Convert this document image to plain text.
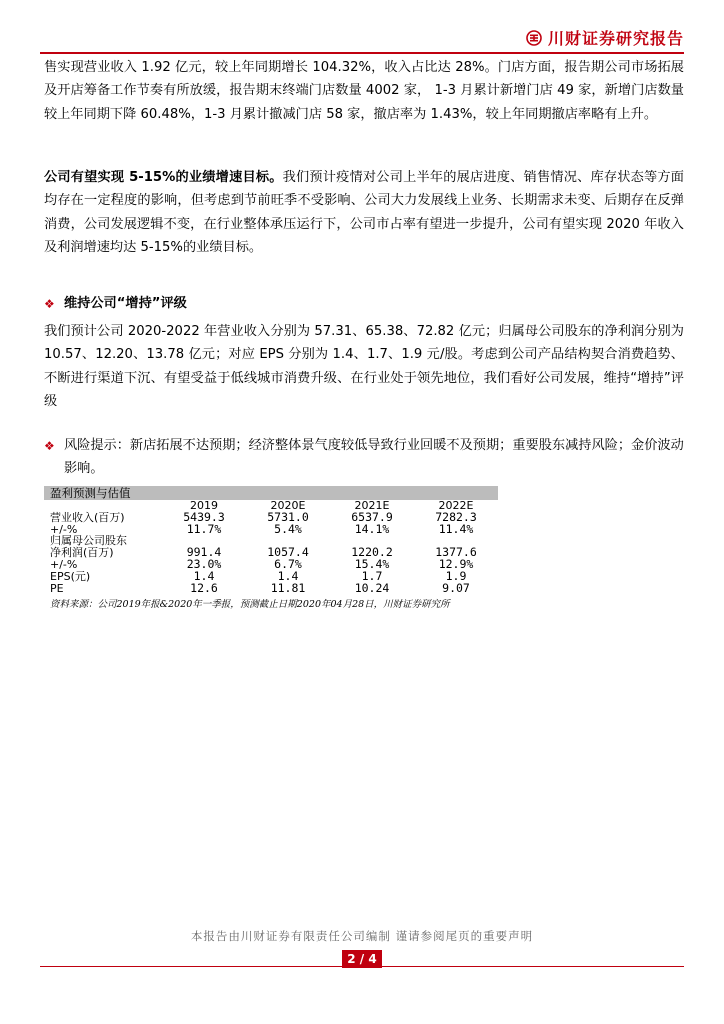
川财证券研究报告

售实现营业收入 1.92 亿元，较上年同期增长 104.32%，收入占比达 28%。门店方面，报告期公司市场拓展及开店筹备工作节奏有所放缓，报告期末终端门店数量 4002 家， 1-3 月累计新增门店 49 家，新增门店数量较上年同期下降 60.48%，1-3 月累计撤减门店 58 家，撤店率为 1.43%，较上年同期撤店率略有上升。

公司有望实现 5-15%的业绩增速目标。我们预计疫情对公司上半年的展店进度、销售情况、库存状态等方面均存在一定程度的影响，但考虑到节前旺季不受影响、公司大力发展线上业务、长期需求未变、后期存在反弹消费，公司发展逻辑不变，在行业整体承压运行下，公司市占率有望进一步提升，公司有望实现 2020 年收入及利润增速均达 5-15%的业绩目标。

❖ 维持公司“增持”评级

我们预计公司 2020-2022 年营业收入分别为 57.31、65.38、72.82 亿元；归属母公司股东的净利润分别为 10.57、12.20、13.78 亿元；对应 EPS 分别为 1.4、1.7、1.9 元/股。考虑到公司产品结构契合消费趋势、不断进行渠道下沉、有望受益于低线城市消费升级、在行业处于领先地位，我们看好公司发展，维持“增持”评级

❖ 风险提示：新店拓展不达预期；经济整体景气度较低导致行业回暖不及预期；重要股东减持风险；金价波动影响。
盈利预测与估值
2019	2020E	2021E	2022E
营业收入(百万)	5439.3	5731.0	6537.9	7282.3
+/-%	11.7%	5.4%	14.1%	11.4%
归属母公司股东
净利润(百万)	991.4	1057.4	1220.2	1377.6
+/-%	23.0%	6.7%	15.4%	12.9%
EPS(元)	1.4	1.4	1.7	1.9
PE	12.6	11.81	10.24	9.07
资料来源：公司2019年报&2020年一季报，预测截止日期2020年04月28日，川财证券研究所
本报告由川财证券有限责任公司编制 谨请参阅尾页的重要声明
2 / 4
